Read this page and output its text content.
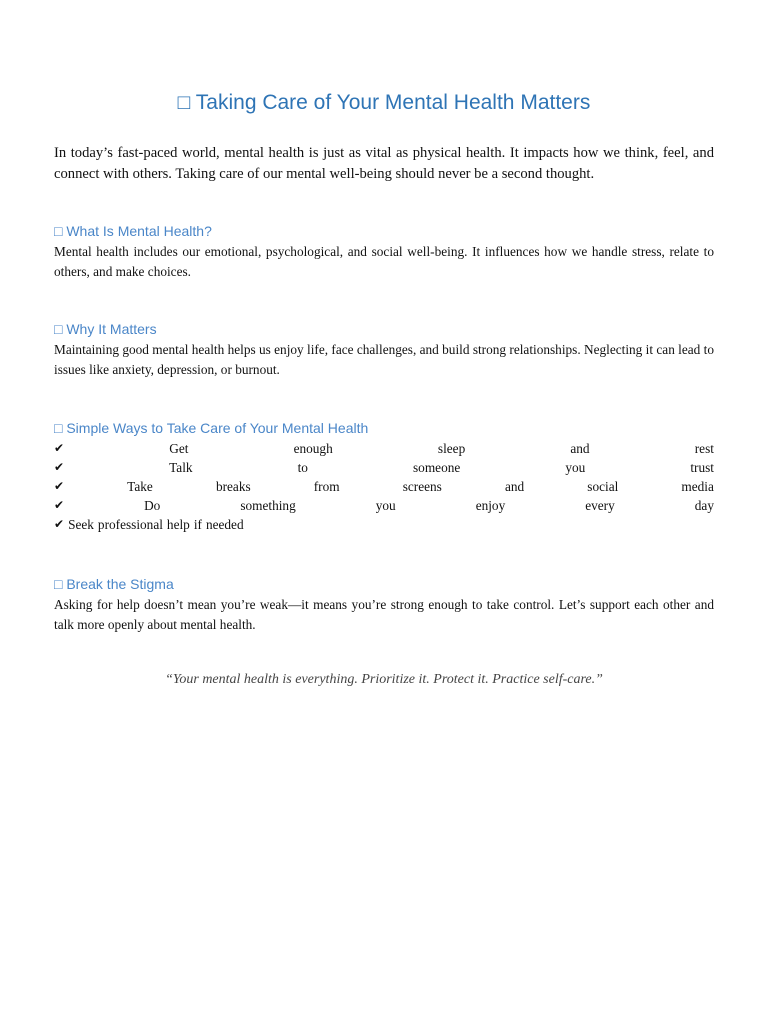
□ Taking Care of Your Mental Health Matters

In today’s fast-paced world, mental health is just as vital as physical health. It impacts how we think, feel, and connect with others. Taking care of our mental well-being should never be a second thought.

□ What Is Mental Health?

Mental health includes our emotional, psychological, and social well-being. It influences how we handle stress, relate to others, and make choices.

□ Why It Matters

Maintaining good mental health helps us enjoy life, face challenges, and build strong relationships. Neglecting it can lead to issues like anxiety, depression, or burnout.

□ Simple Ways to Take Care of Your Mental Health
✔	Get	enough	sleep	and	rest
✔	Talk	to	someone	you	trust
✔	Take	breaks	from	screens	and	social	media
✔	Do	something	you	enjoy	every	day
✔ Seek professional help if needed
□ Break the Stigma

Asking for help doesn’t mean you’re weak—it means you’re strong enough to take control. Let’s support each other and talk more openly about mental health.

“Your mental health is everything. Prioritize it. Protect it. Practice self-care.”
